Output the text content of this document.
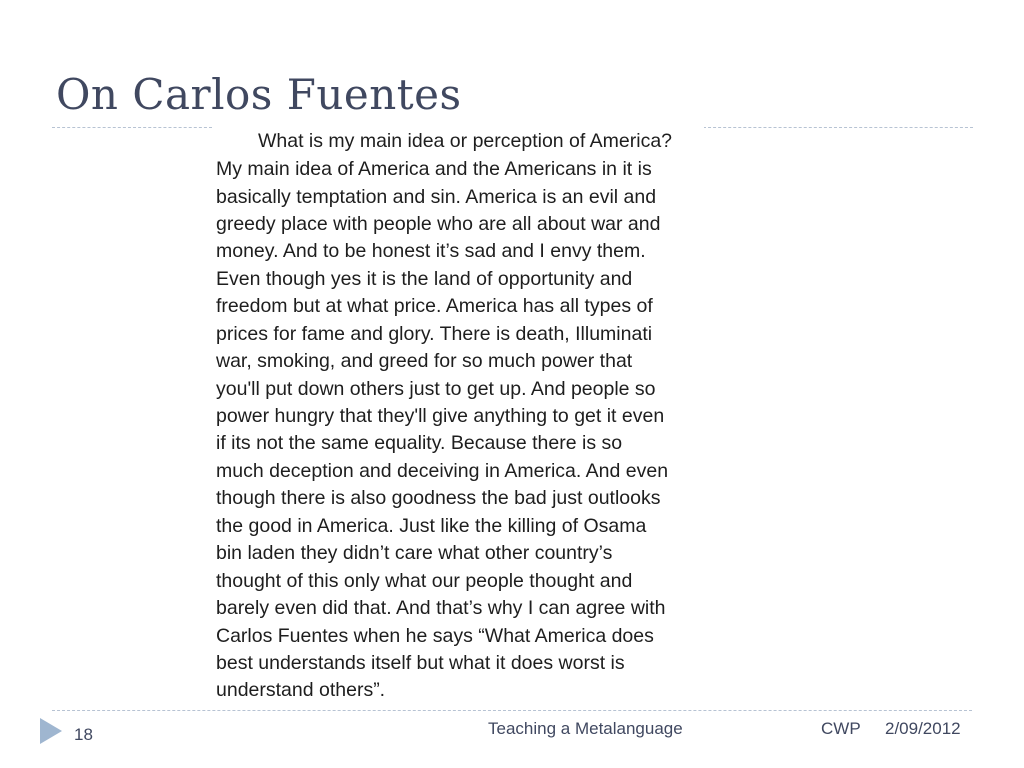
On Carlos Fuentes
What is my main idea or perception of America?
My main idea of America and the Americans in it is
basically temptation and sin. America is an evil and
greedy place with people who are all about war and
money. And to be honest it’s sad and I envy them.
Even though yes it is the land of opportunity and
freedom but at what price. America has all types of
prices for fame and glory. There is death, Illuminati
war, smoking, and greed for so much power that
you'll put down others just to get up. And people so
power hungry that they'll give anything to get it even
if its not the same equality. Because there is so
much deception and deceiving in America. And even
though there is also goodness the bad just outlooks
the good in America. Just like the killing of Osama
bin laden they didn’t care what other country’s
thought of this only what our people thought and
barely even did that. And that’s why I can agree with
Carlos Fuentes when he says “What America does
best understands itself but what it does worst is
understand others”.
18	Teaching a Metalanguage	CWP 2/09/2012
